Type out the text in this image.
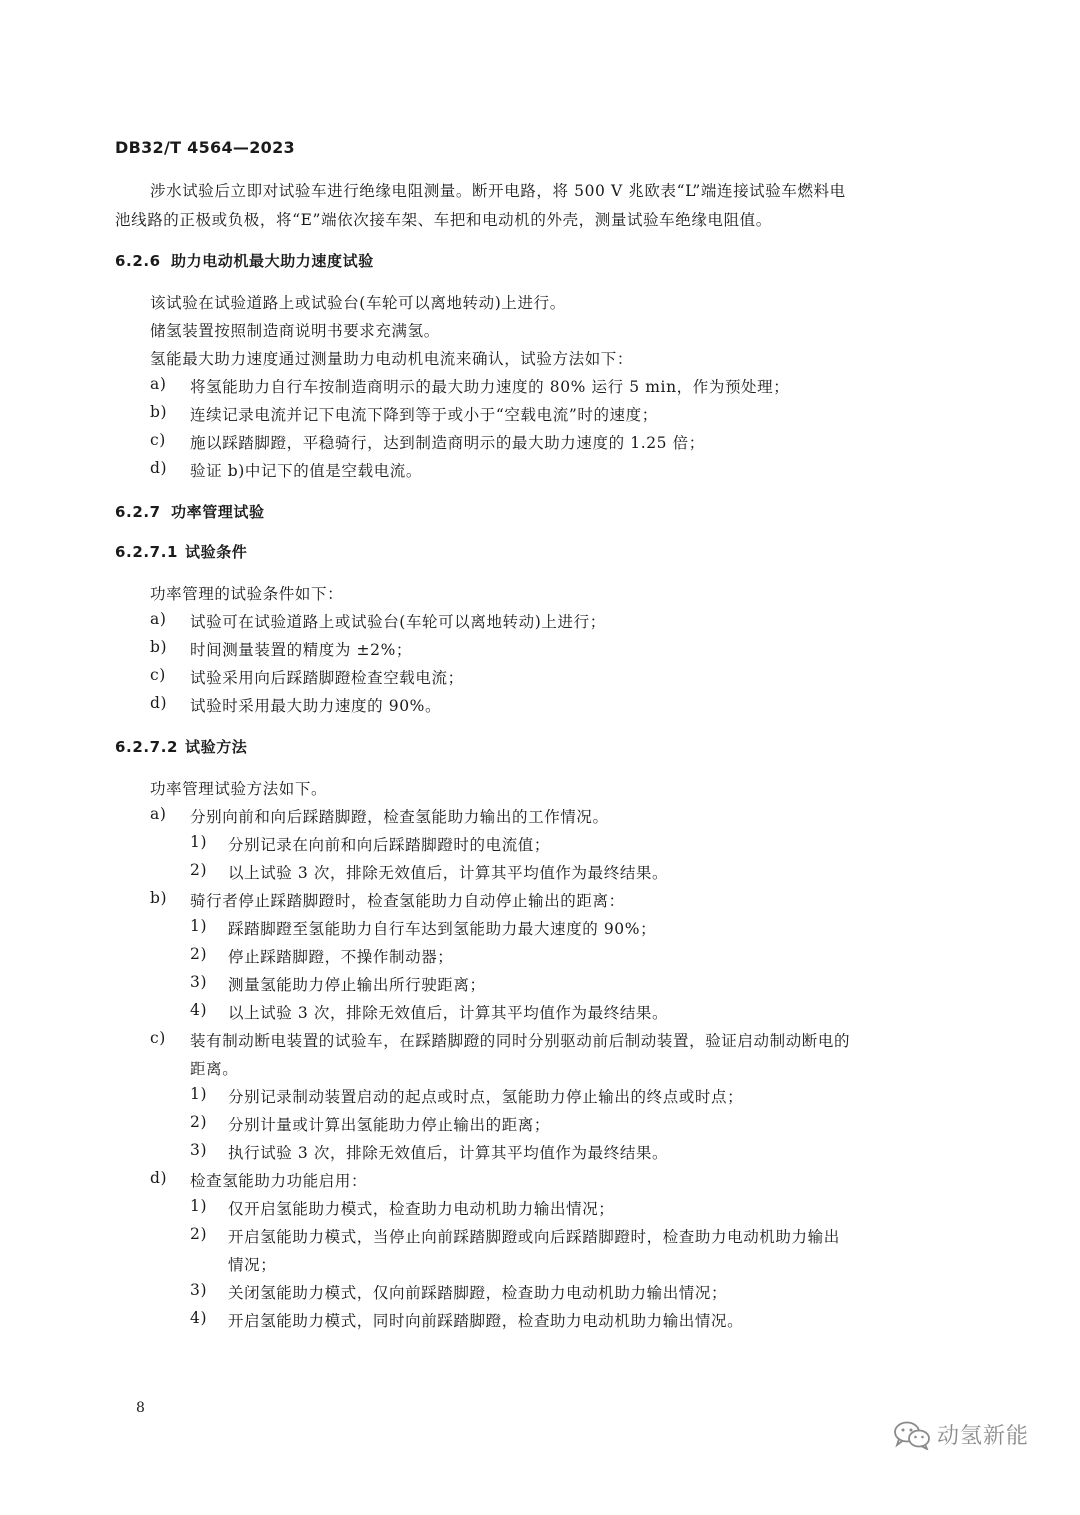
DB32/T 4564—2023
涉水试验后立即对试验车进行绝缘电阻测量。断开电路，将 500 V 兆欧表“L”端连接试验车燃料电
池线路的正极或负极，将“E”端依次接车架、车把和电动机的外壳，测量试验车绝缘电阻值。
6.2.6 助力电动机最大助力速度试验
该试验在试验道路上或试验台(车轮可以离地转动)上进行。
储氢装置按照制造商说明书要求充满氢。
氢能最大助力速度通过测量助力电动机电流来确认，试验方法如下：
a) 将氢能助力自行车按制造商明示的最大助力速度的 80% 运行 5 min，作为预处理；
b) 连续记录电流并记下电流下降到等于或小于“空载电流”时的速度；
c) 施以踩踏脚蹬，平稳骑行，达到制造商明示的最大助力速度的 1.25 倍；
d) 验证 b)中记下的值是空载电流。
6.2.7 功率管理试验
6.2.7.1 试验条件
功率管理的试验条件如下：
a) 试验可在试验道路上或试验台(车轮可以离地转动)上进行；
b) 时间测量装置的精度为 ±2%；
c) 试验采用向后踩踏脚蹬检查空载电流；
d) 试验时采用最大助力速度的 90%。
6.2.7.2 试验方法
功率管理试验方法如下。
a) 分别向前和向后踩踏脚蹬，检查氢能助力输出的工作情况。
1) 分别记录在向前和向后踩踏脚蹬时的电流值；
2) 以上试验 3 次，排除无效值后，计算其平均值作为最终结果。
b) 骑行者停止踩踏脚蹬时，检查氢能助力自动停止输出的距离：
1) 踩踏脚蹬至氢能助力自行车达到氢能助力最大速度的 90%；
2) 停止踩踏脚蹬，不操作制动器；
3) 测量氢能助力停止输出所行驶距离；
4) 以上试验 3 次，排除无效值后，计算其平均值作为最终结果。
c) 装有制动断电装置的试验车，在踩踏脚蹬的同时分别驱动前后制动装置，验证启动制动断电的
距离。
1) 分别记录制动装置启动的起点或时点，氢能助力停止输出的终点或时点；
2) 分别计量或计算出氢能助力停止输出的距离；
3) 执行试验 3 次，排除无效值后，计算其平均值作为最终结果。
d) 检查氢能助力功能启用：
1) 仅开启氢能助力模式，检查助力电动机助力输出情况；
2) 开启氢能助力模式，当停止向前踩踏脚蹬或向后踩踏脚蹬时，检查助力电动机助力输出
情况；
3) 关闭氢能助力模式，仅向前踩踏脚蹬，检查助力电动机助力输出情况；
4) 开启氢能助力模式，同时向前踩踏脚蹬，检查助力电动机助力输出情况。
8
动氢新能
